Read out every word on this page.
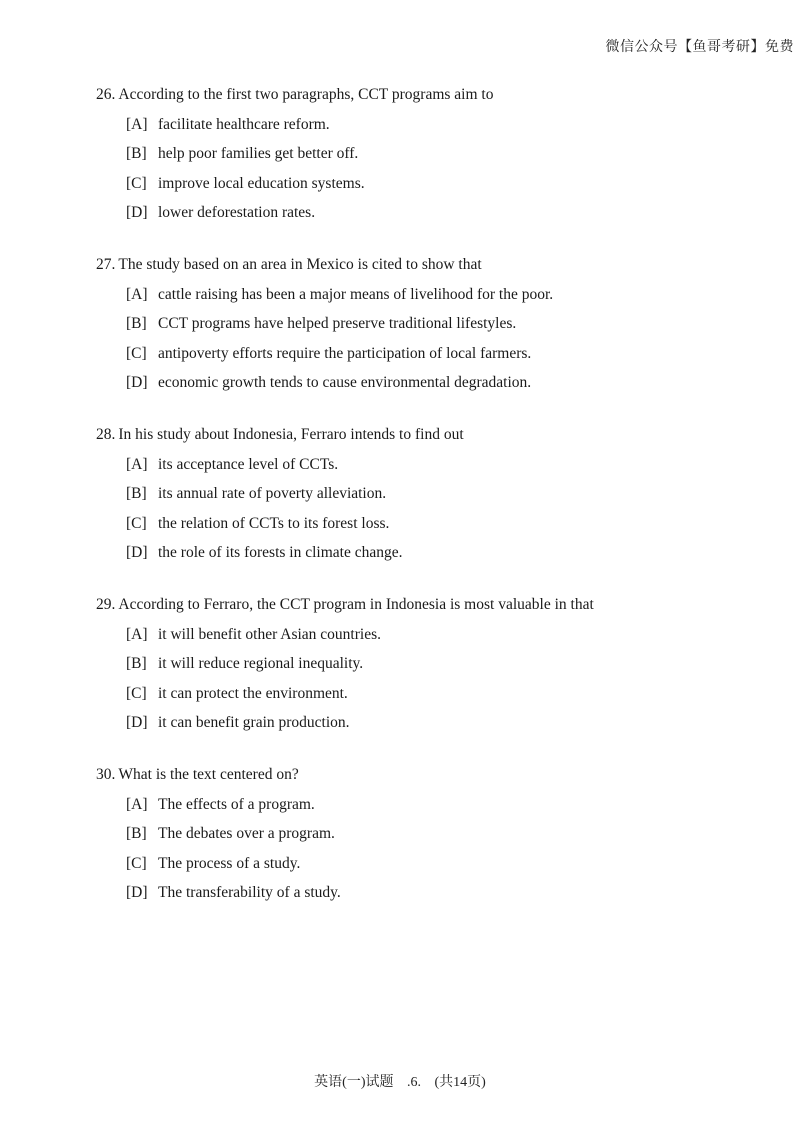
微信公众号【鱼哥考研】免费
26. According to the first two paragraphs, CCT programs aim to
[A] facilitate healthcare reform.
[B] help poor families get better off.
[C] improve local education systems.
[D] lower deforestation rates.
27. The study based on an area in Mexico is cited to show that
[A] cattle raising has been a major means of livelihood for the poor.
[B] CCT programs have helped preserve traditional lifestyles.
[C] antipoverty efforts require the participation of local farmers.
[D] economic growth tends to cause environmental degradation.
28. In his study about Indonesia, Ferraro intends to find out
[A] its acceptance level of CCTs.
[B] its annual rate of poverty alleviation.
[C] the relation of CCTs to its forest loss.
[D] the role of its forests in climate change.
29. According to Ferraro, the CCT program in Indonesia is most valuable in that
[A] it will benefit other Asian countries.
[B] it will reduce regional inequality.
[C] it can protect the environment.
[D] it can benefit grain production.
30. What is the text centered on?
[A] The effects of a program.
[B] The debates over a program.
[C] The process of a study.
[D] The transferability of a study.
英语(一)试题 .6. (共14页)
